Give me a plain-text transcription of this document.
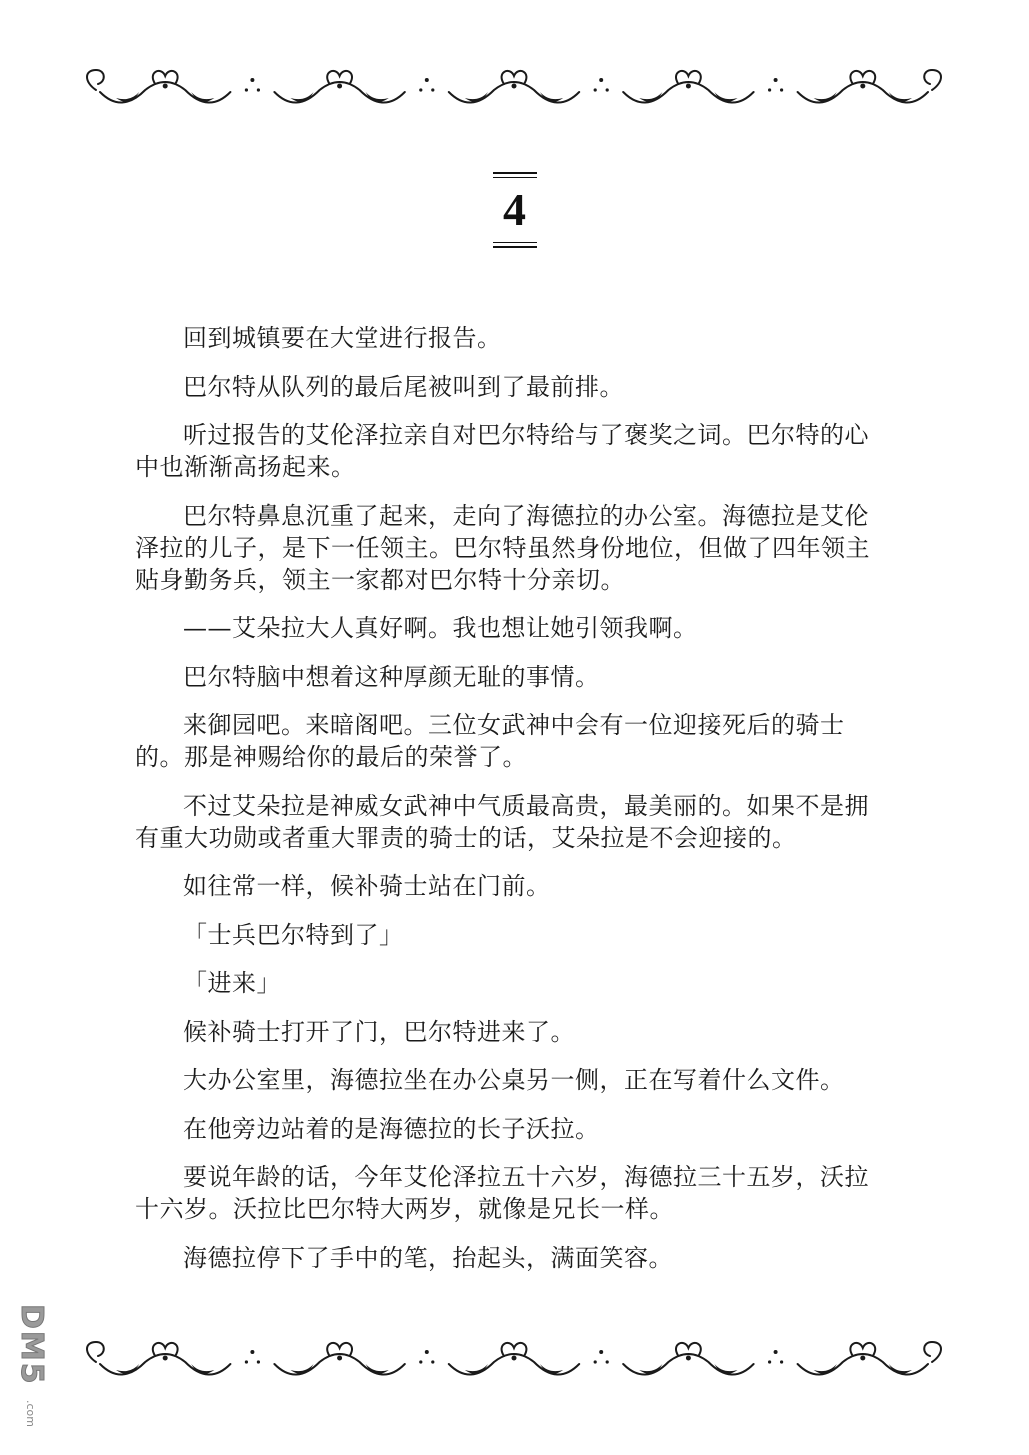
4

回到城镇要在大堂进行报告。

巴尔特从队列的最后尾被叫到了最前排。

听过报告的艾伦泽拉亲自对巴尔特给与了褒奖之词。巴尔特的心中也渐渐高扬起来。

巴尔特鼻息沉重了起来，走向了海德拉的办公室。海德拉是艾伦泽拉的儿子，是下一任领主。巴尔特虽然身份地位，但做了四年领主贴身勤务兵，领主一家都对巴尔特十分亲切。

——艾朵拉大人真好啊。我也想让她引领我啊。

巴尔特脑中想着这种厚颜无耻的事情。

来御园吧。来暗阁吧。三位女武神中会有一位迎接死后的骑士的。那是神赐给你的最后的荣誉了。

不过艾朵拉是神威女武神中气质最高贵，最美丽的。如果不是拥有重大功勋或者重大罪责的骑士的话，艾朵拉是不会迎接的。

如往常一样，候补骑士站在门前。

「士兵巴尔特到了」

「进来」

候补骑士打开了门，巴尔特进来了。

大办公室里，海德拉坐在办公桌另一侧，正在写着什么文件。

在他旁边站着的是海德拉的长子沃拉。

要说年龄的话，今年艾伦泽拉五十六岁，海德拉三十五岁，沃拉十六岁。沃拉比巴尔特大两岁，就像是兄长一样。

海德拉停下了手中的笔，抬起头，满面笑容。

DM5
.com
